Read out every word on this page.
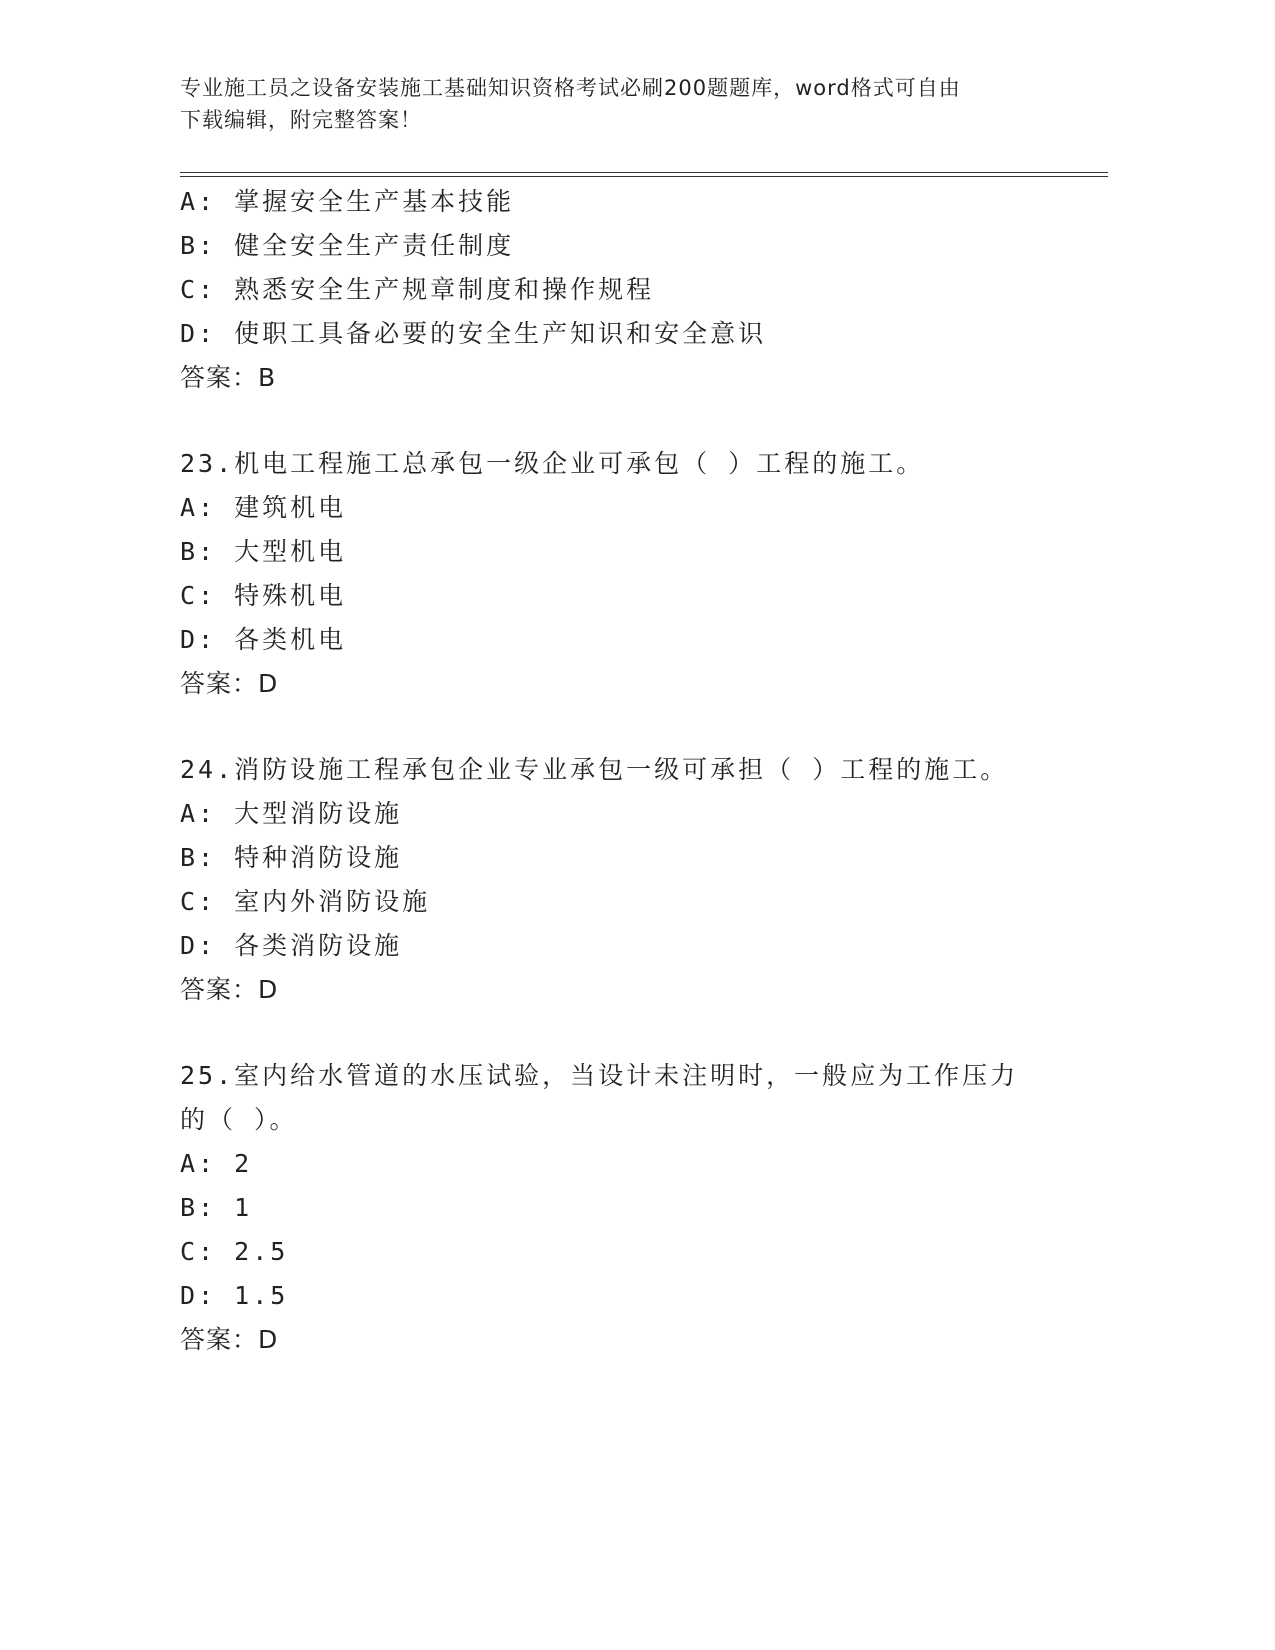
专业施工员之设备安装施工基础知识资格考试必刷200题题库，word格式可自由
下载编辑，附完整答案！
A: 掌握安全生产基本技能
B: 健全安全生产责任制度
C: 熟悉安全生产规章制度和操作规程
D: 使职工具备必要的安全生产知识和安全意识
答案：B
23.机电工程施工总承包一级企业可承包（ ）工程的施工。
A: 建筑机电
B: 大型机电
C: 特殊机电
D: 各类机电
答案：D
24.消防设施工程承包企业专业承包一级可承担（ ）工程的施工。
A: 大型消防设施
B: 特种消防设施
C: 室内外消防设施
D: 各类消防设施
答案：D
25.室内给水管道的水压试验，当设计未注明时，一般应为工作压力的（ ）。
A: 2
B: 1
C: 2.5
D: 1.5
答案：D
